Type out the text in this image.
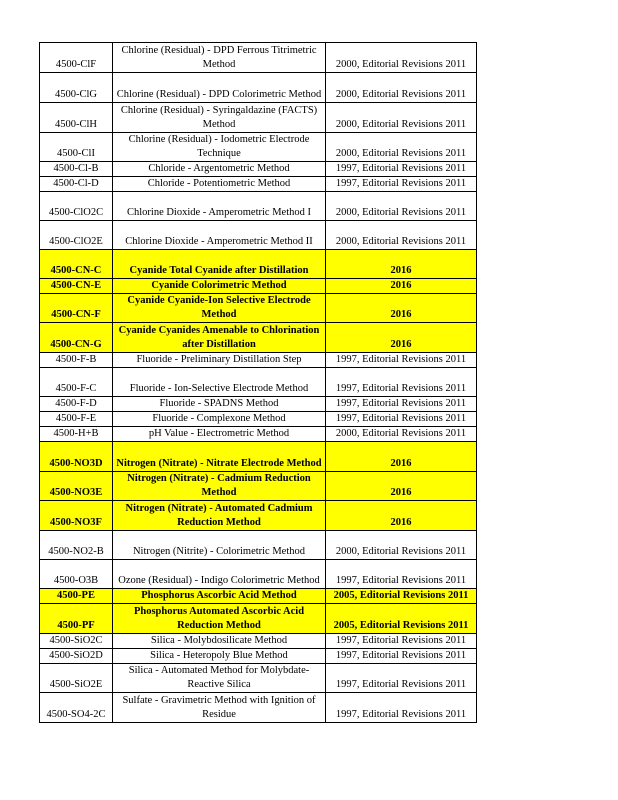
4500-ClF	Chlorine (Residual) - DPD Ferrous Titrimetric Method	2000, Editorial Revisions 2011
4500-ClG	Chlorine (Residual) - DPD Colorimetric Method	2000, Editorial Revisions 2011
4500-ClH	Chlorine (Residual) - Syringaldazine (FACTS) Method	2000, Editorial Revisions 2011
4500-ClI	Chlorine (Residual) - Iodometric Electrode Technique	2000, Editorial Revisions 2011
4500-Cl-B	Chloride - Argentometric Method	1997, Editorial Revisions 2011
4500-Cl-D	Chloride - Potentiometric Method	1997, Editorial Revisions 2011
4500-ClO2C	Chlorine Dioxide - Amperometric Method I	2000, Editorial Revisions 2011
4500-ClO2E	Chlorine Dioxide - Amperometric Method II	2000, Editorial Revisions 2011
4500-CN-C	Cyanide Total Cyanide after Distillation	2016
4500-CN-E	Cyanide Colorimetric Method	2016
4500-CN-F	Cyanide Cyanide-Ion Selective Electrode Method	2016
4500-CN-G	Cyanide Cyanides Amenable to Chlorination after Distillation	2016
4500-F-B	Fluoride - Preliminary Distillation Step	1997, Editorial Revisions 2011
4500-F-C	Fluoride - Ion-Selective Electrode Method	1997, Editorial Revisions 2011
4500-F-D	Fluoride - SPADNS Method	1997, Editorial Revisions 2011
4500-F-E	Fluoride - Complexone Method	1997, Editorial Revisions 2011
4500-H+B	pH Value - Electrometric Method	2000, Editorial Revisions 2011
4500-NO3D	Nitrogen (Nitrate) - Nitrate Electrode Method	2016
4500-NO3E	Nitrogen (Nitrate) - Cadmium Reduction Method	2016
4500-NO3F	Nitrogen (Nitrate) - Automated Cadmium Reduction Method	2016
4500-NO2-B	Nitrogen (Nitrite) - Colorimetric Method	2000, Editorial Revisions 2011
4500-O3B	Ozone (Residual) - Indigo Colorimetric Method	1997, Editorial Revisions 2011
4500-PE	Phosphorus Ascorbic Acid Method	2005, Editorial Revisions 2011
4500-PF	Phosphorus Automated Ascorbic Acid Reduction Method	2005, Editorial Revisions 2011
4500-SiO2C	Silica - Molybdosilicate Method	1997, Editorial Revisions 2011
4500-SiO2D	Silica - Heteropoly Blue Method	1997, Editorial Revisions 2011
4500-SiO2E	Silica - Automated Method for Molybdate-Reactive Silica	1997, Editorial Revisions 2011
4500-SO4-2C	Sulfate - Gravimetric Method with Ignition of Residue	1997, Editorial Revisions 2011
